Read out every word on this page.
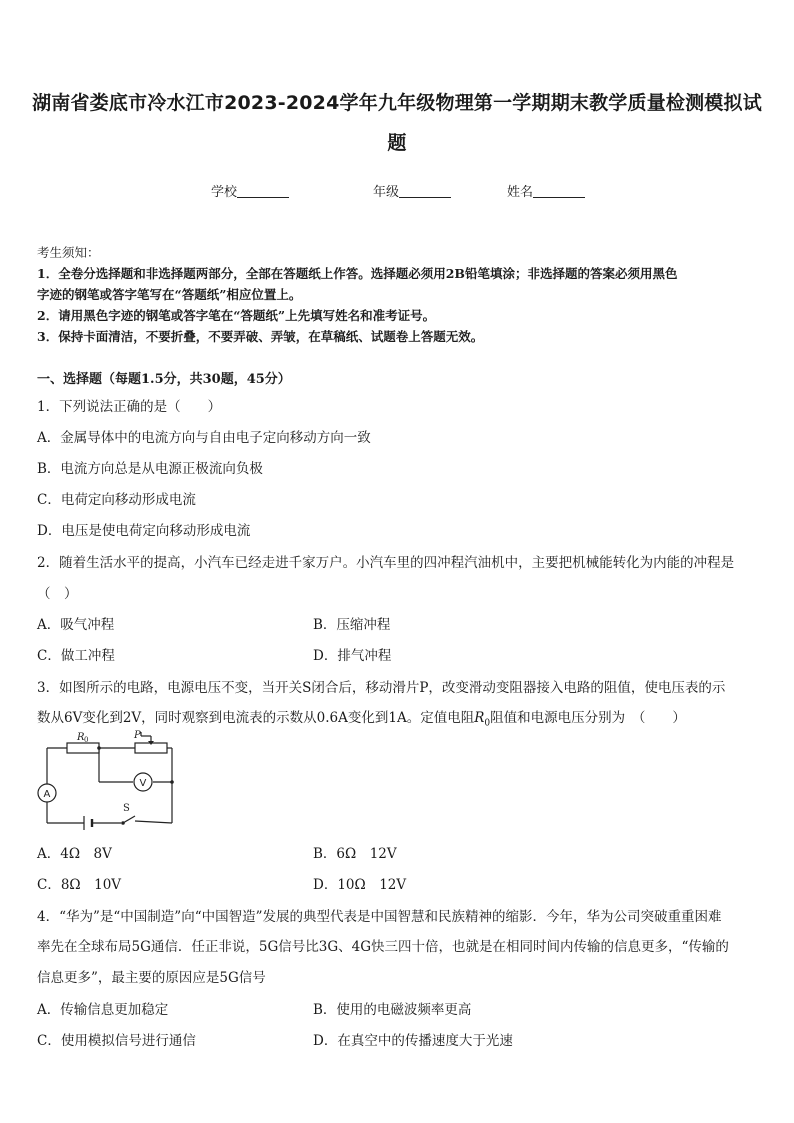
湖南省娄底市冷水江市2023-2024学年九年级物理第一学期期末教学质量检测模拟试
题
学校	年级	姓名
考生须知：
1．全卷分选择题和非选择题两部分，全部在答题纸上作答。选择题必须用2B铅笔填涂；非选择题的答案必须用黑色
字迹的钢笔或答字笔写在“答题纸”相应位置上。
2．请用黑色字迹的钢笔或答字笔在“答题纸”上先填写姓名和准考证号。
3．保持卡面清洁，不要折叠，不要弄破、弄皱，在草稿纸、试题卷上答题无效。
一、选择题（每题1.5分，共30题，45分）
1．下列说法正确的是（　　）
A．金属导体中的电流方向与自由电子定向移动方向一致
B．电流方向总是从电源正极流向负极
C．电荷定向移动形成电流
D．电压是使电荷定向移动形成电流
2．随着生活水平的提高，小汽车已经走进千家万户。小汽车里的四冲程汽油机中，主要把机械能转化为内能的冲程是
（　）
A．吸气冲程	B．压缩冲程
C．做工冲程	D．排气冲程
3．如图所示的电路，电源电压不变，当开关S闭合后，移动滑片P，改变滑动变阻器接入电路的阻值，使电压表的示
数从6V变化到2V，同时观察到电流表的示数从0.6A变化到1A。定值电阻$R_0$阻值和电源电压分别为　（　　）
R 0	P
A
V
S
A．4Ω　8V	B．6Ω　12V
C．8Ω　10V	D．10Ω　12V
4．“华为”是“中国制造”向“中国智造”发展的典型代表是中国智慧和民族精神的缩影．今年，华为公司突破重重困难
率先在全球布局5G通信．任正非说，5G信号比3G、4G快三四十倍，也就是在相同时间内传输的信息更多，“传输的
信息更多”，最主要的原因应是5G信号
A．传输信息更加稳定	B．使用的电磁波频率更高
C．使用模拟信号进行通信	D．在真空中的传播速度大于光速
